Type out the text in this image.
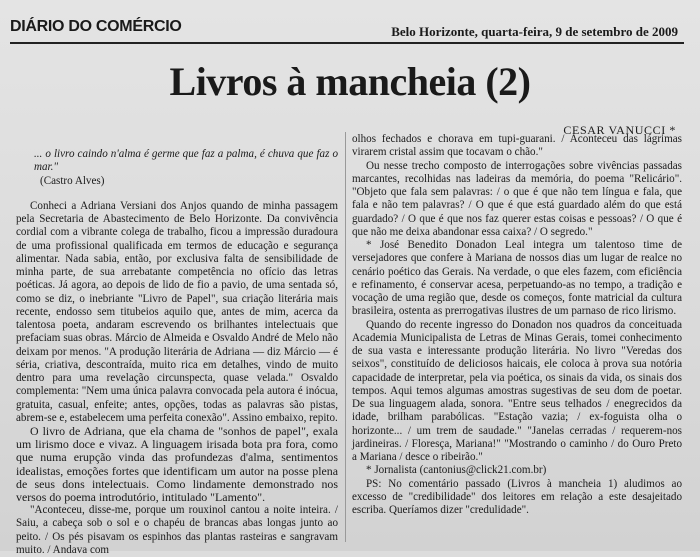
DIÁRIO DO COMÉRCIO	Belo Horizonte, quarta-feira, 9 de setembro de 2009
Livros à mancheia (2)
CESAR VANUCCI *
... o livro caindo n'alma é germe que faz a palma, é chuva que faz o mar."
(Castro Alves)

Conheci a Adriana Versiani dos Anjos quando de minha passagem pela Secretaria de Abastecimento de Belo Horizonte. Da convivência cordial com a vibrante colega de trabalho, ficou a impressão duradoura de uma profissional qualificada em termos de educação e segurança alimentar. Nada sabia, então, por exclusiva falta de sensibilidade de minha parte, de sua arrebatante competência no ofício das letras poéticas. Já agora, ao depois de lido de fio a pavio, de uma sentada só, como se diz, o inebriante "Livro de Papel", sua criação literária mais recente, endosso sem titubeios aquilo que, antes de mim, acerca da talentosa poeta, andaram escrevendo os brilhantes intelectuais que prefaciam suas obras. Márcio de Almeida e Osvaldo André de Melo não deixam por menos. "A produção literária de Adriana — diz Márcio — é séria, criativa, descontraída, muito rica em detalhes, vindo de muito dentro para uma revelação circunspecta, quase velada." Osvaldo complementa: "Nem uma única palavra convocada pela autora é inócua, gratuita, casual, enfeite; antes, opções, todas as palavras são pistas, abrem-se e, estabelecem uma perfeita conexão". Assino embaixo, repito.

O livro de Adriana, que ela chama de "sonhos de papel", exala um lirismo doce e vivaz. A linguagem irisada bota pra fora, como que numa erupção vinda das profundezas d'alma, sentimentos idealistas, emoções fortes que identificam um autor na posse plena de seus dons intelectuais. Como lindamente demonstrado nos versos do poema introdutório, intitulado "Lamento".

"Aconteceu, disse-me, porque um rouxinol cantou a noite inteira. / Saiu, a cabeça sob o sol e o chapéu de brancas abas longas junto ao peito. / Os pés pisavam os espinhos das plantas rasteiras e sangravam muito. / Andava com

olhos fechados e chorava em tupi-guarani. / Aconteceu das lágrimas virarem cristal assim que tocavam o chão."

Ou nesse trecho composto de interrogações sobre vivências passadas marcantes, recolhidas nas ladeiras da memória, do poema "Relicário". "Objeto que fala sem palavras: / o que é que não tem língua e fala, que fala e não tem palavras? / O que é que está guardado além do que está guardado? / O que é que nos faz querer estas coisas e pessoas? / O que é que não me deixa abandonar essa caixa? / O segredo."

* José Benedito Donadon Leal integra um talentoso time de versejadores que confere à Mariana de nossos dias um lugar de realce no cenário poético das Gerais. Na verdade, o que eles fazem, com eficiência e refinamento, é conservar acesa, perpetuando-as no tempo, a tradição e vocação de uma região que, desde os começos, fonte matricial da cultura brasileira, ostenta as prerrogativas ilustres de um parnaso de rico lirismo.

Quando do recente ingresso do Donadon nos quadros da conceituada Academia Municipalista de Letras de Minas Gerais, tomei conhecimento de sua vasta e interessante produção literária. No livro "Veredas dos seixos", constituído de deliciosos haicais, ele coloca à prova sua notória capacidade de interpretar, pela via poética, os sinais da vida, os sinais dos tempos. Aqui temos algumas amostras sugestivas de seu dom de poetar. De sua linguagem alada, sonora. "Entre seus telhados / enegrecidos da idade, brilham parabólicas. "Estação vazia; / ex-foguista olha o horizonte... / um trem de saudade." "Janelas cerradas / requerem-nos jardineiras. / Floresça, Mariana!" "Mostrando o caminho / do Ouro Preto a Mariana / desce o ribeirão."

* Jornalista (cantonius@click21.com.br)

PS: No comentário passado (Livros à mancheia 1) aludimos ao excesso de "credibilidade" dos leitores em relação a este desajeitado escriba. Queríamos dizer "credulidade".
